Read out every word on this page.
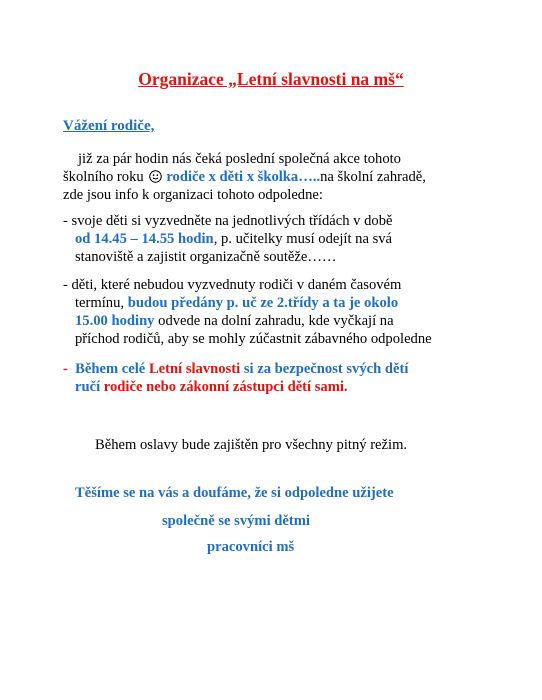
Organizace „Letní slavnosti na mš“
Vážení rodiče,
již za pár hodin nás čeká poslední společná akce tohoto
školního roku rodiče x děti x školka…..na školní zahradě,
zde jsou info k organizaci tohoto odpoledne:
- svoje děti si vyzvedněte na jednotlivých třídách v době
od 14.45 – 14.55 hodin, p. učitelky musí odejít na svá
stanoviště a zajistit organizačně soutěže……
- děti, které nebudou vyzvednuty rodiči v daném časovém
termínu, budou předány p. uč ze 2.třídy a ta je okolo
15.00 hodiny odvede na dolní zahradu, kde vyčkají na
příchod rodičů, aby se mohly zúčastnit zábavného odpoledne
- Během celé Letní slavnosti si za bezpečnost svých dětí
ručí rodiče nebo zákonní zástupci dětí sami.
Během oslavy bude zajištěn pro všechny pitný režim.
Těšíme se na vás a doufáme, že si odpoledne užijete
společně se svými dětmi
pracovníci mš
